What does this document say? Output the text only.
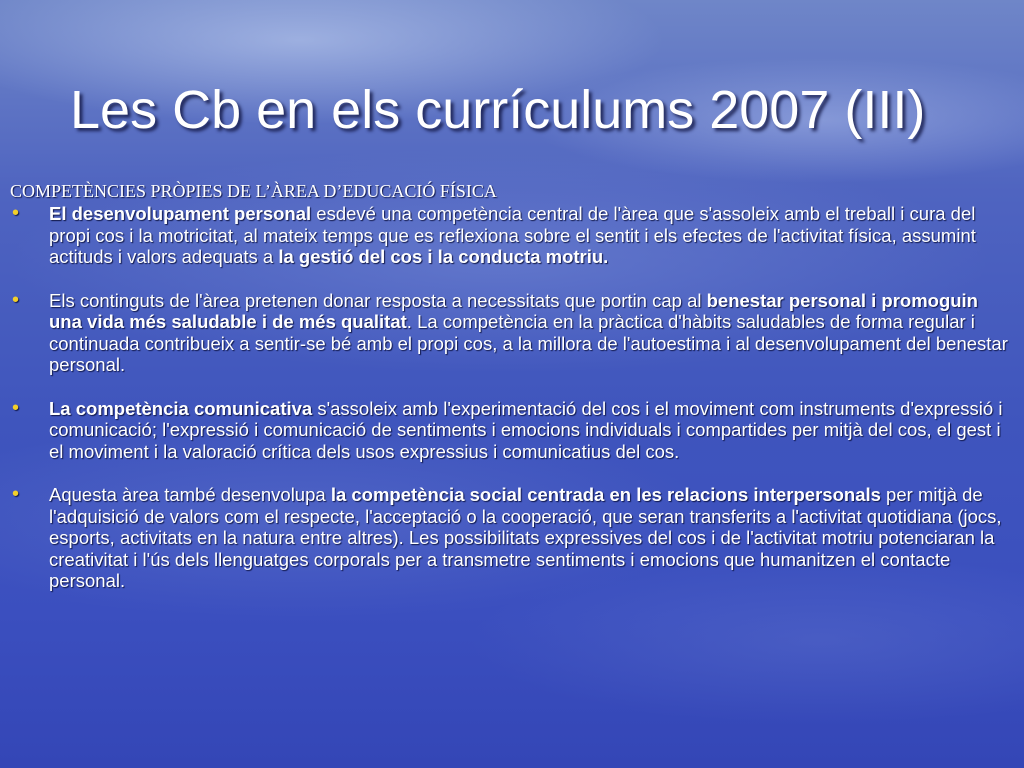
Les Cb en els currículums 2007 (III)
COMPETÈNCIES PRÒPIES DE L’ÀREA D’EDUCACIÓ FÍSICA
• El desenvolupament personal esdevé una competència central de l'àrea que s'assoleix amb el treball i cura del propi cos i la motricitat, al mateix temps que es reflexiona sobre el sentit i els efectes de l'activitat física, assumint actituds i valors adequats a la gestió del cos i la conducta motriu.
• Els continguts de l'àrea pretenen donar resposta a necessitats que portin cap al benestar personal i promoguin una vida més saludable i de més qualitat. La competència en la pràctica d'hàbits saludables de forma regular i continuada contribueix a sentir-se bé amb el propi cos, a la millora de l'autoestima i al desenvolupament del benestar personal.
• La competència comunicativa s'assoleix amb l'experimentació del cos i el moviment com instruments d'expressió i comunicació; l'expressió i comunicació de sentiments i emocions individuals i compartides per mitjà del cos, el gest i el moviment i la valoració crítica dels usos expressius i comunicatius del cos.
• Aquesta àrea també desenvolupa la competència social centrada en les relacions interpersonals per mitjà de l'adquisició de valors com el respecte, l'acceptació o la cooperació, que seran transferits a l'activitat quotidiana (jocs, esports, activitats en la natura entre altres). Les possibilitats expressives del cos i de l'activitat motriu potenciaran la creativitat i l'ús dels llenguatges corporals per a transmetre sentiments i emocions que humanitzen el contacte personal.
